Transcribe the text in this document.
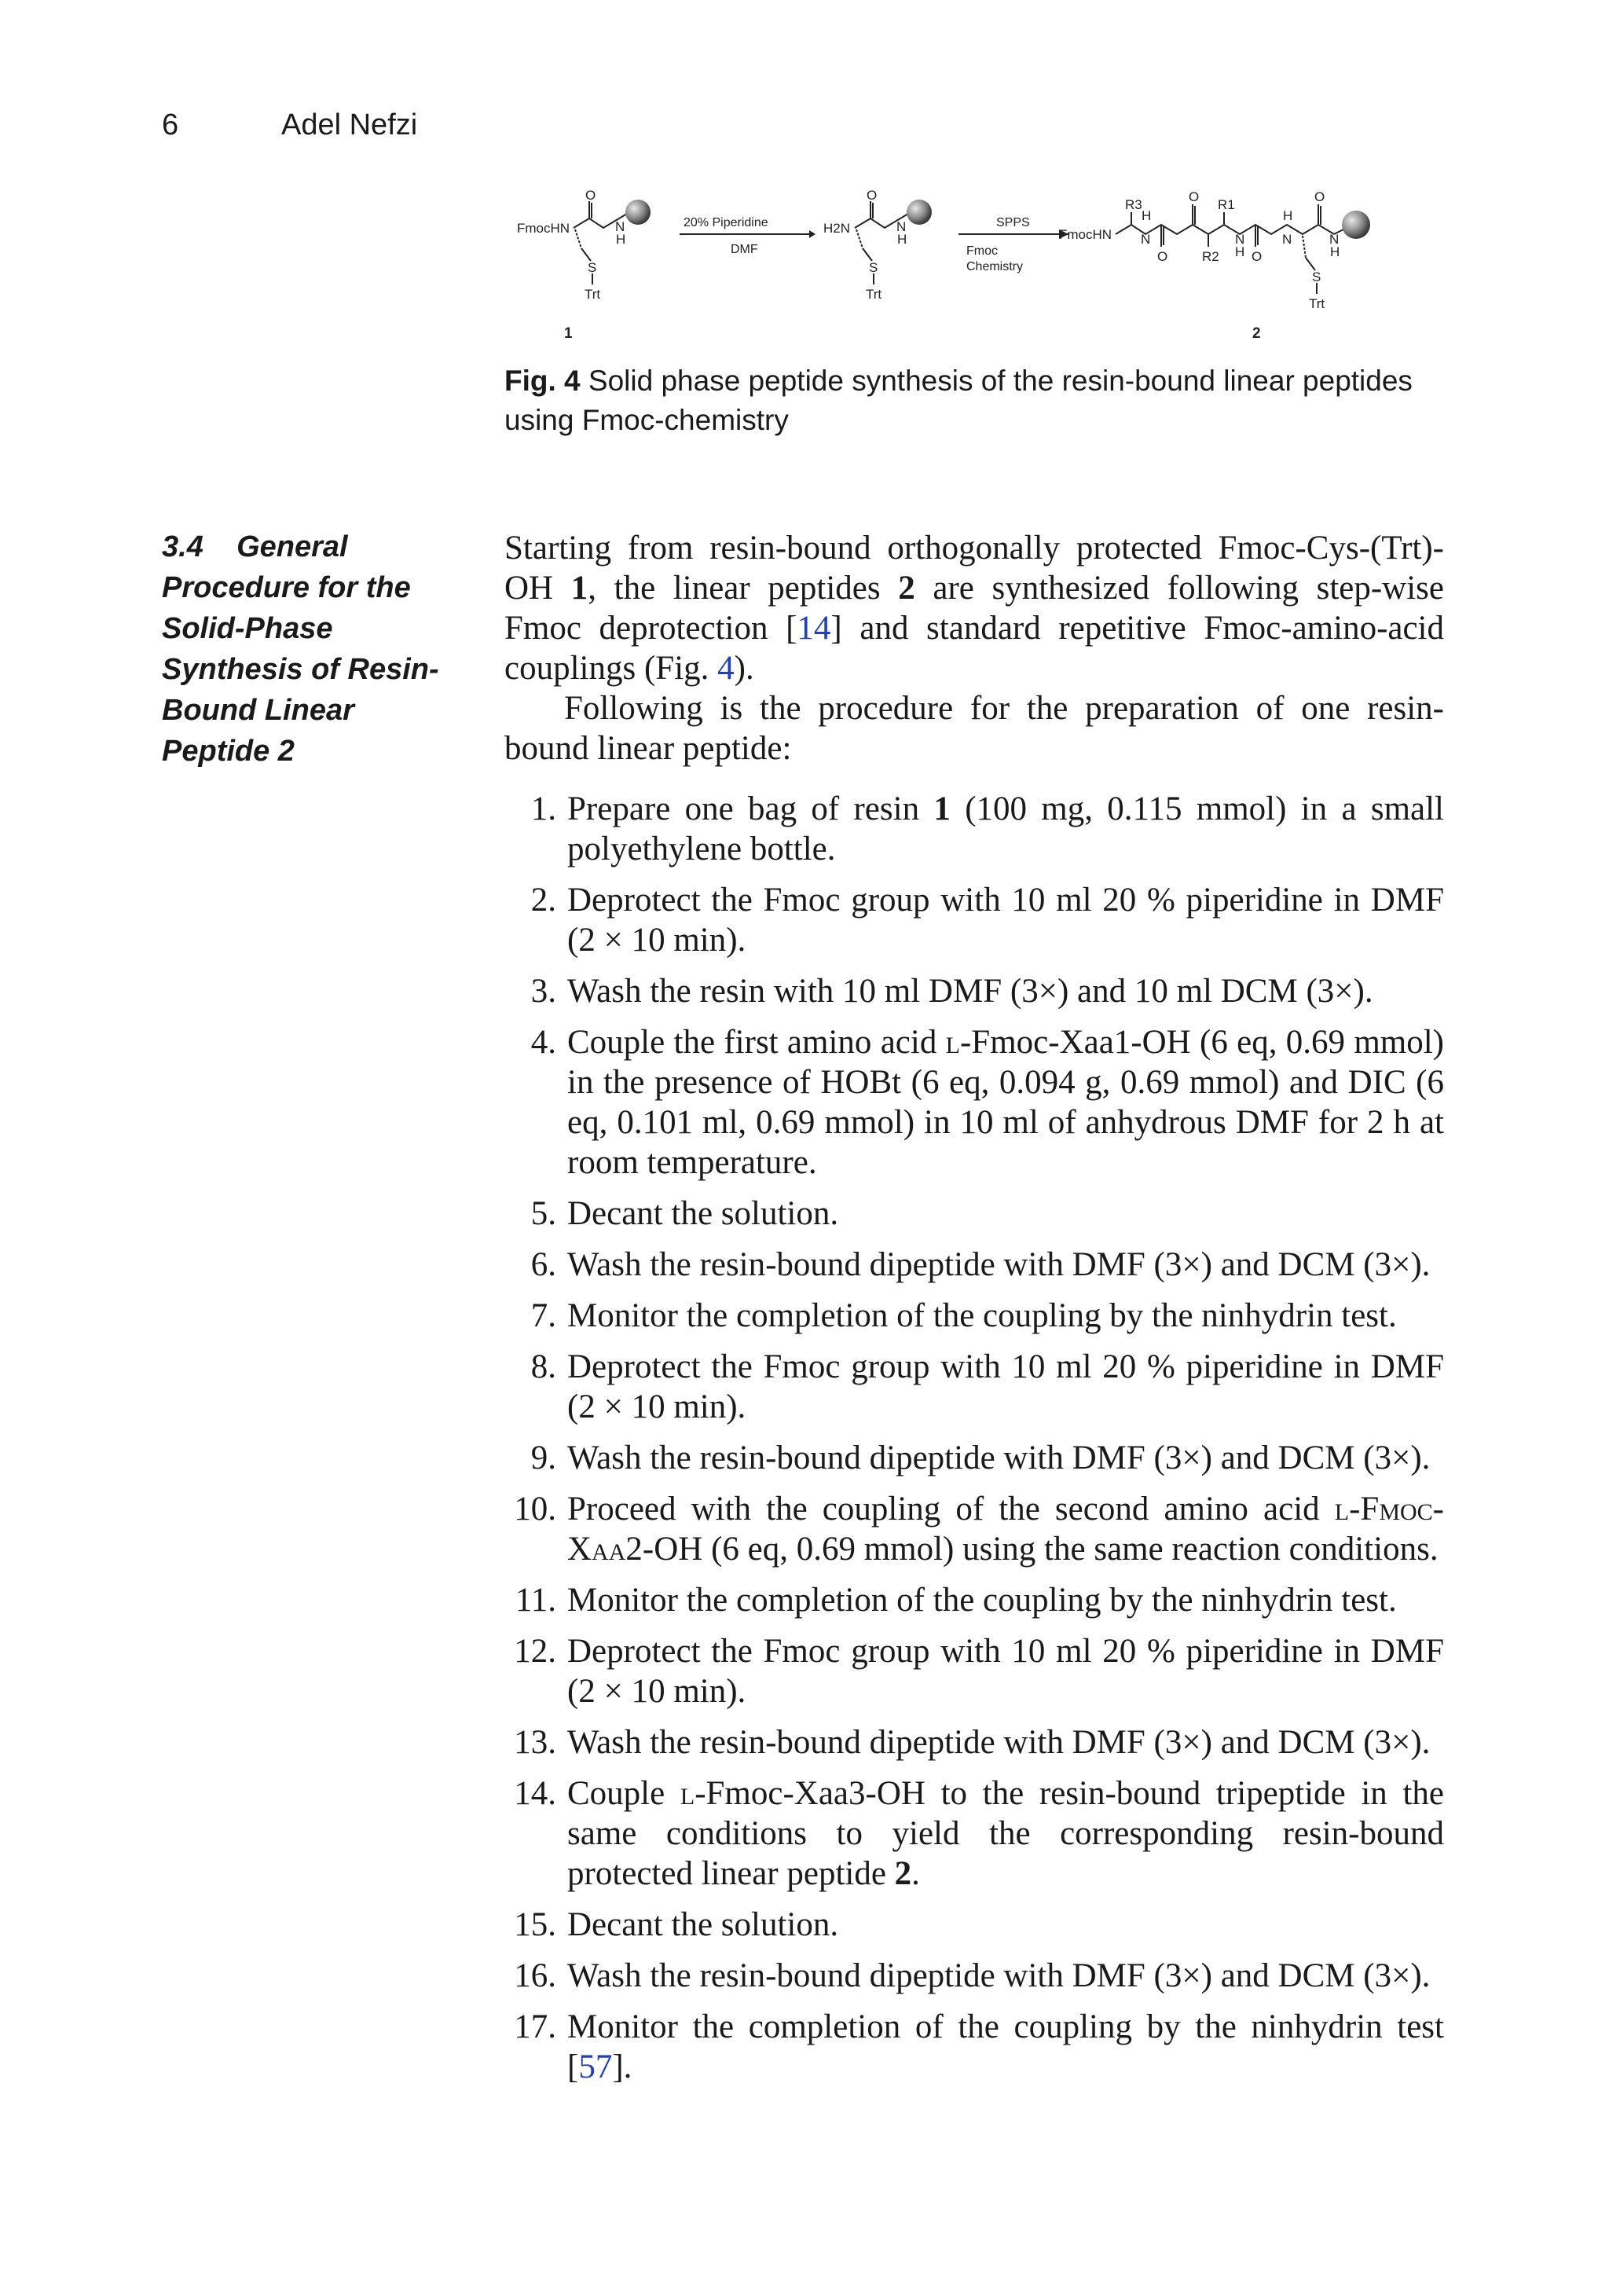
6	Adel Nefzi
FmocHN
O
N
H
S
Trt
1
20% Piperidine
DMF
H2N
O
N
H
S
Trt
SPPS
Fmoc
Chemistry
FmocHN
R3
H
N
O
O
R2
R1
N
H O
H
N
O
N
H
S
Trt
2
Fig. 4 Solid phase peptide synthesis of the resin-bound linear peptides using Fmoc-chemistry
3.4 General Procedure for the Solid-Phase Synthesis of Resin-Bound Linear Peptide 2

Starting from resin-bound orthogonally protected Fmoc-Cys-(Trt)-OH 1, the linear peptides 2 are synthesized following step-wise Fmoc deprotection [14] and standard repetitive Fmoc-amino-acid couplings (Fig. 4).

Following is the procedure for the preparation of one resin-bound linear peptide:

1. Prepare one bag of resin 1 (100 mg, 0.115 mmol) in a small polyethylene bottle.
2. Deprotect the Fmoc group with 10 ml 20 % piperidine in DMF (2 × 10 min).
3. Wash the resin with 10 ml DMF (3×) and 10 ml DCM (3×).
4. Couple the first amino acid l-Fmoc-Xaa1-OH (6 eq, 0.69 mmol) in the presence of HOBt (6 eq, 0.094 g, 0.69 mmol) and DIC (6 eq, 0.101 ml, 0.69 mmol) in 10 ml of anhydrous DMF for 2 h at room temperature.
5. Decant the solution.
6. Wash the resin-bound dipeptide with DMF (3×) and DCM (3×).
7. Monitor the completion of the coupling by the ninhydrin test.
8. Deprotect the Fmoc group with 10 ml 20 % piperidine in DMF (2 × 10 min).
9. Wash the resin-bound dipeptide with DMF (3×) and DCM (3×).
10. Proceed with the coupling of the second amino acid l-Fmoc-Xaa2-OH (6 eq, 0.69 mmol) using the same reaction conditions.
11. Monitor the completion of the coupling by the ninhydrin test.
12. Deprotect the Fmoc group with 10 ml 20 % piperidine in DMF (2 × 10 min).
13. Wash the resin-bound dipeptide with DMF (3×) and DCM (3×).
14. Couple l-Fmoc-Xaa3-OH to the resin-bound tripeptide in the same conditions to yield the corresponding resin-bound protected linear peptide 2.
15. Decant the solution.
16. Wash the resin-bound dipeptide with DMF (3×) and DCM (3×).
17. Monitor the completion of the coupling by the ninhydrin test [57].
